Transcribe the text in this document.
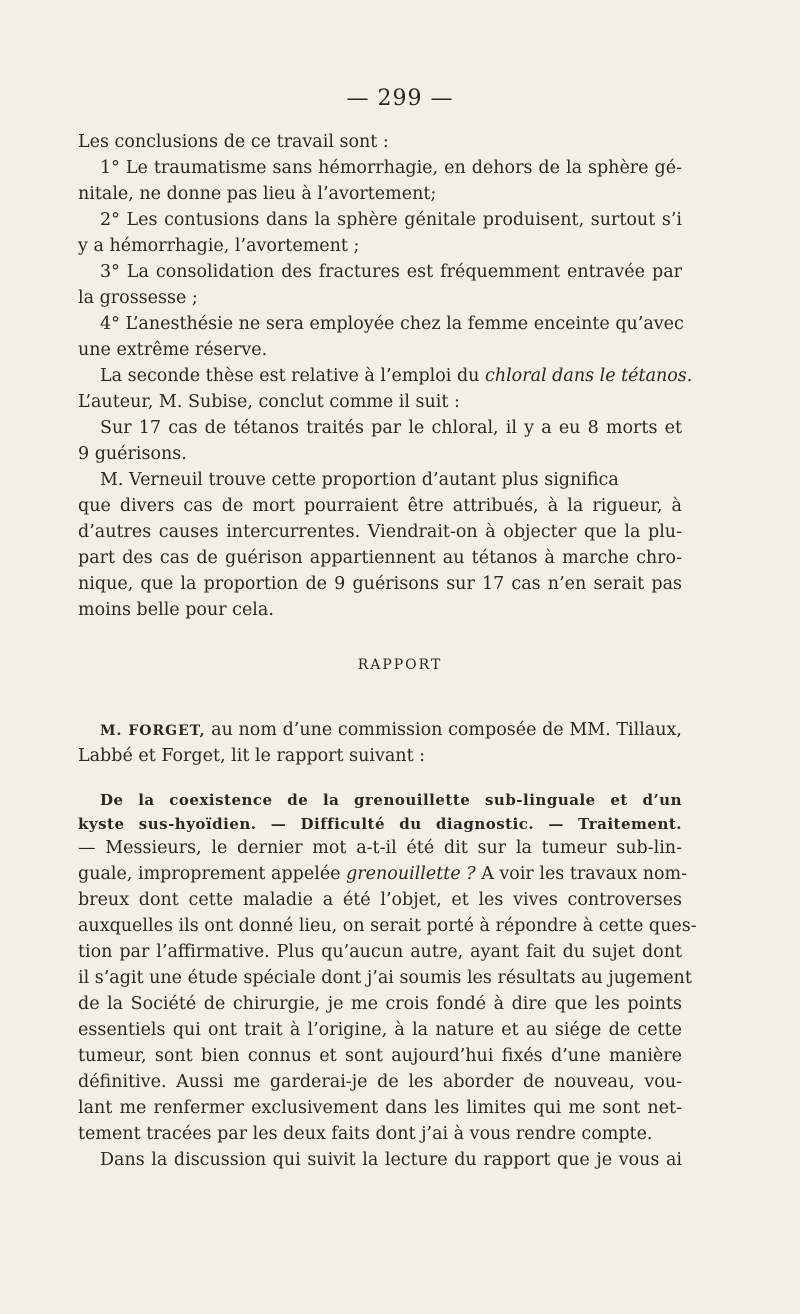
— 299 —
Les conclusions de ce travail sont :
1° Le traumatisme sans hémorrhagie, en dehors de la sphère gé-
nitale, ne donne pas lieu à l’avortement;
2° Les contusions dans la sphère génitale produisent, surtout s’i
y a hémorrhagie, l’avortement ;
3° La consolidation des fractures est fréquemment entravée par
la grossesse ;
4° L’anesthésie ne sera employée chez la femme enceinte qu’avec
une extrême réserve.
La seconde thèse est relative à l’emploi du chloral dans le tétanos.
L’auteur, M. Subise, conclut comme il suit :
Sur 17 cas de tétanos traités par le chloral, il y a eu 8 morts et
9 guérisons.
M. Verneuil trouve cette proportion d’autant plus significa
que divers cas de mort pourraient être attribués, à la rigueur, à
d’autres causes intercurrentes. Viendrait-on à objecter que la plu-
part des cas de guérison appartiennent au tétanos à marche chro-
nique, que la proportion de 9 guérisons sur 17 cas n’en serait pas
moins belle pour cela.
RAPPORT
M. FORGET, au nom d’une commission composée de MM. Tillaux,
Labbé et Forget, lit le rapport suivant :
De la coexistence de la grenouillette sub-linguale et d’un
kyste sus-hyoïdien. — Difficulté du diagnostic. — Traitement.
— Messieurs, le dernier mot a-t-il été dit sur la tumeur sub-lin-
guale, improprement appelée grenouillette ? A voir les travaux nom-
breux dont cette maladie a été l’objet, et les vives controverses
auxquelles ils ont donné lieu, on serait porté à répondre à cette ques-
tion par l’affirmative. Plus qu’aucun autre, ayant fait du sujet dont
il s’agit une étude spéciale dont j’ai soumis les résultats au jugement
de la Société de chirurgie, je me crois fondé à dire que les points
essentiels qui ont trait à l’origine, à la nature et au siége de cette
tumeur, sont bien connus et sont aujourd’hui fixés d’une manière
définitive. Aussi me garderai-je de les aborder de nouveau, vou-
lant me renfermer exclusivement dans les limites qui me sont net-
tement tracées par les deux faits dont j’ai à vous rendre compte.
Dans la discussion qui suivit la lecture du rapport que je vous ai
